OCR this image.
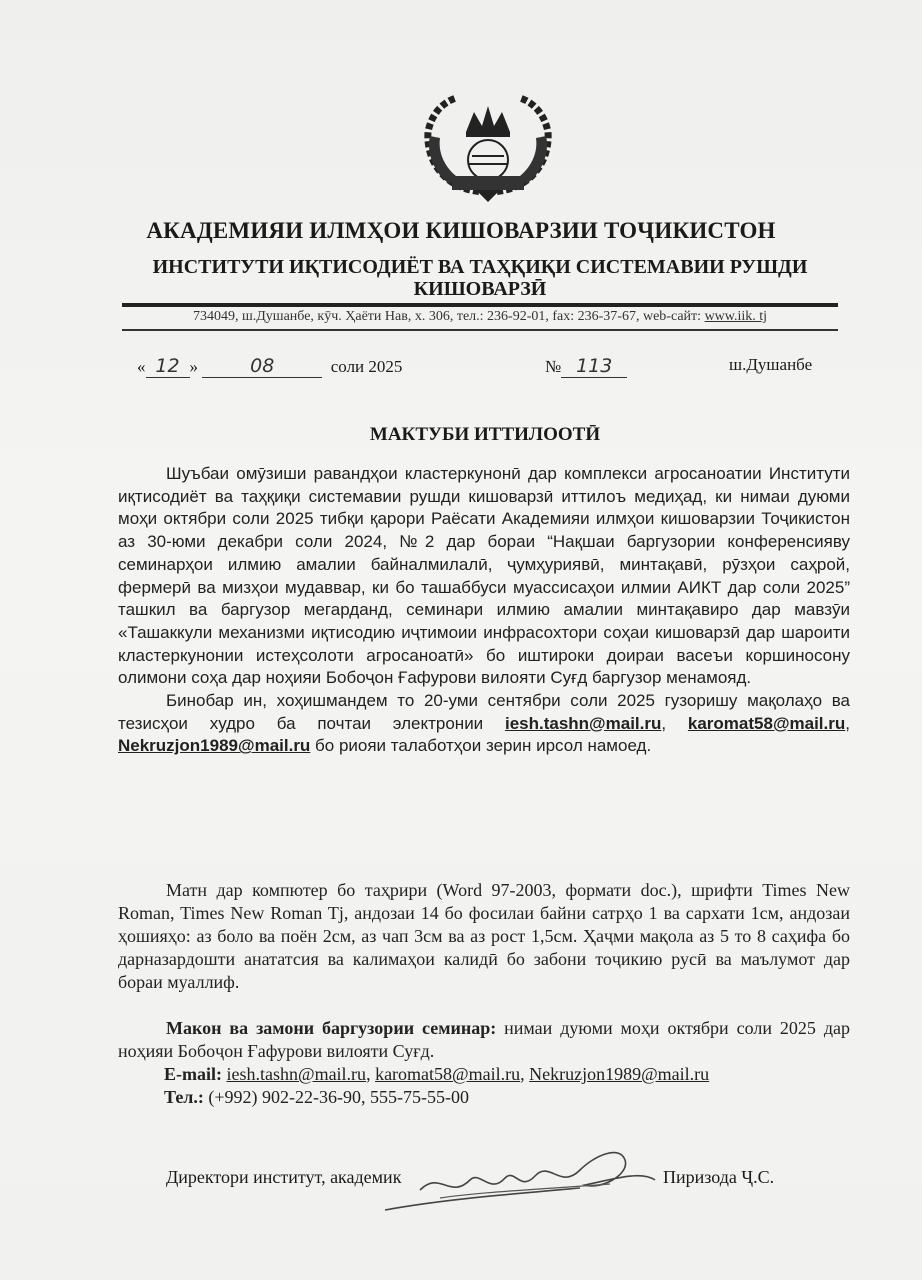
АКАДЕМИЯИ ИЛМҲОИ КИШОВАРЗИИ ТОҶИКИСТОН
ИНСТИТУТИ ИҚТИСОДИЁТ ВА ТАҲҚИҚИ СИСТЕМАВИИ РУШДИ КИШОВАРЗӢ
734049, ш.Душанбе, кӯч. Ҳаёти Нав, х. 306, тел.: 236-92-01, fax: 236-37-67, web-сайт: www.iik. tj
« 12 »	08	соли 2025	№ 113	ш.Душанбе
МАКТУБИ ИТТИЛООТӢ

Шуъбаи омӯзиши равандҳои кластеркунонӣ дар комплекси агросаноатии Институти иқтисодиёт ва таҳқиқи системавии рушди кишоварзӣ иттилоъ медиҳад, ки нимаи дуюми моҳи октябри соли 2025 тибқи қарори Раёсати Академияи илмҳои кишоварзии Тоҷикистон аз 30-юми декабри соли 2024, №2 дар бораи “Нақшаи баргузории конференсияву семинарҳои илмию амалии байналмилалӣ, ҷумҳуриявӣ, минтақавӣ, рӯзҳои саҳрой, фермерӣ ва мизҳои мудаввар, ки бо ташаббуси муассисаҳои илмии АИКТ дар соли 2025” ташкил ва баргузор мегарданд, семинари илмию амалии минтақавиро дар мавзӯи «Ташаккули механизми иқтисодию иҷтимоии инфрасохтори соҳаи кишоварзӣ дар шароити кластеркунонии истеҳсолоти агросаноатӣ» бо иштироки доираи васеъи коршиносону олимони соҳа дар ноҳияи Бобоҷон Ғафурови вилояти Суғд баргузор менамояд.

Бинобар ин, хоҳишмандем то 20-уми сентябри соли 2025 гузоришу мақолаҳо ва тезисҳои худро ба почтаи электронии iesh.tashn@mail.ru, karomat58@mail.ru, Nekruzjon1989@mail.ru бо риояи талаботҳои зерин ирсол намоед.

Матн дар компютер бо таҳрири (Word 97-2003, формати doc.), шрифти Times New Roman, Times New Roman Tj, андозаи 14 бо фосилаи байни сатрҳо 1 ва сархати 1см, андозаи ҳошияҳо: аз боло ва поён 2см, аз чап 3см ва аз рост 1,5см. Ҳаҷми мақола аз 5 то 8 саҳифа бо дарназардошти анататсия ва калимаҳои калидӣ бо забони тоҷикию русӣ ва маълумот дар бораи муаллиф.

Макон ва замони баргузории семинар: нимаи дуюми моҳи октябри соли 2025 дар ноҳияи Бобоҷон Ғафурови вилояти Суғд.

E-mail: iesh.tashn@mail.ru, karomat58@mail.ru, Nekruzjon1989@mail.ru
Тел.: (+992) 902-22-36-90, 555-75-55-00
Директори институт, академик	Пиризода Ҷ.С.
